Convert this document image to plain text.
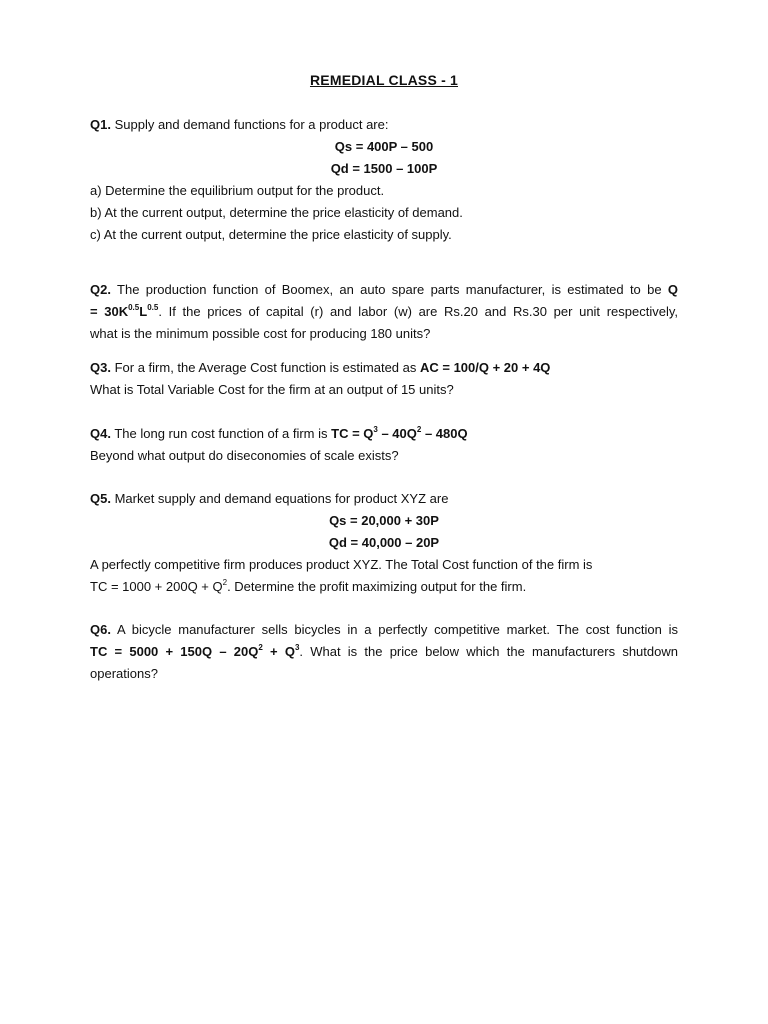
REMEDIAL CLASS - 1
Q1. Supply and demand functions for a product are:
Qs = 400P – 500
Qd = 1500 – 100P
a) Determine the equilibrium output for the product.
b) At the current output, determine the price elasticity of demand.
c) At the current output, determine the price elasticity of supply.
Q2. The production function of Boomex, an auto spare parts manufacturer, is estimated to be Q
= $30K^{0.5}L^{0.5}$. If the prices of capital (r) and labor (w) are Rs.20 and Rs.30 per unit respectively,
what is the minimum possible cost for producing 180 units?
Q3. For a firm, the Average Cost function is estimated as AC = 100/Q + 20 + 4Q
What is Total Variable Cost for the firm at an output of 15 units?
Q4. The long run cost function of a firm is TC = $Q^3 - 40Q^2 - 480Q$
Beyond what output do diseconomies of scale exists?
Q5. Market supply and demand equations for product XYZ are
Qs = 20,000 + 30P
Qd = 40,000 – 20P
A perfectly competitive firm produces product XYZ. The Total Cost function of the firm is
TC = $1000 + 200Q + Q^2$. Determine the profit maximizing output for the firm.
Q6. A bicycle manufacturer sells bicycles in a perfectly competitive market. The cost function is
TC = $5000 + 150Q - 20Q^2 + Q^3$. What is the price below which the manufacturers shutdown
operations?
